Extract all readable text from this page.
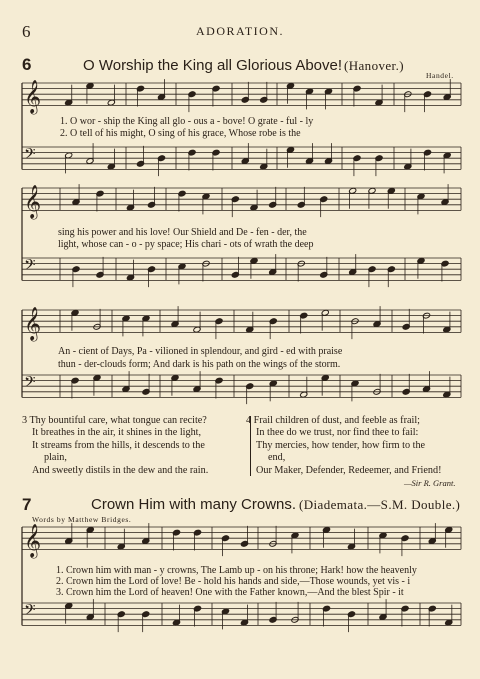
6	ADORATION.
6	O Worship the King all Glorious Above! (Hanover.)
Handel.
𝄞
𝄢
𝄞
𝄢
𝄞
𝄢
𝄞
𝄢
1. O wor - ship the King all glo - ous a - bove! O grate - ful - ly
2. O tell of his might, O sing of his grace, Whose robe is the
sing his power and his love! Our Shield and De - fen - der, the
light, whose can - o - py space; His chari - ots of wrath the deep
An - cient of Days, Pa - vilioned in splendour, and gird - ed with praise
thun - der-clouds form; And dark is his path on the wings of the storm.
3 Thy bountiful care, what tongue can recite?
It breathes in the air, it shines in the light,
It streams from the hills, it descends to the
plain,
And sweetly distils in the dew and the rain.
4 Frail children of dust, and feeble as frail;
In thee do we trust, nor find thee to fail:
Thy mercies, how tender, how firm to the
end,
Our Maker, Defender, Redeemer, and Friend!
—Sir R. Grant.
7	Crown Him with many Crowns. (Diademata.—S.M. Double.)
Words by Matthew Bridges.
1. Crown him with man - y crowns, The Lamb up - on his throne; Hark! how the heavenly
2. Crown him the Lord of love! Be - hold his hands and side,—Those wounds, yet vis - i
3. Crown him the Lord of heaven! One with the Father known,—And the blest Spir - it
